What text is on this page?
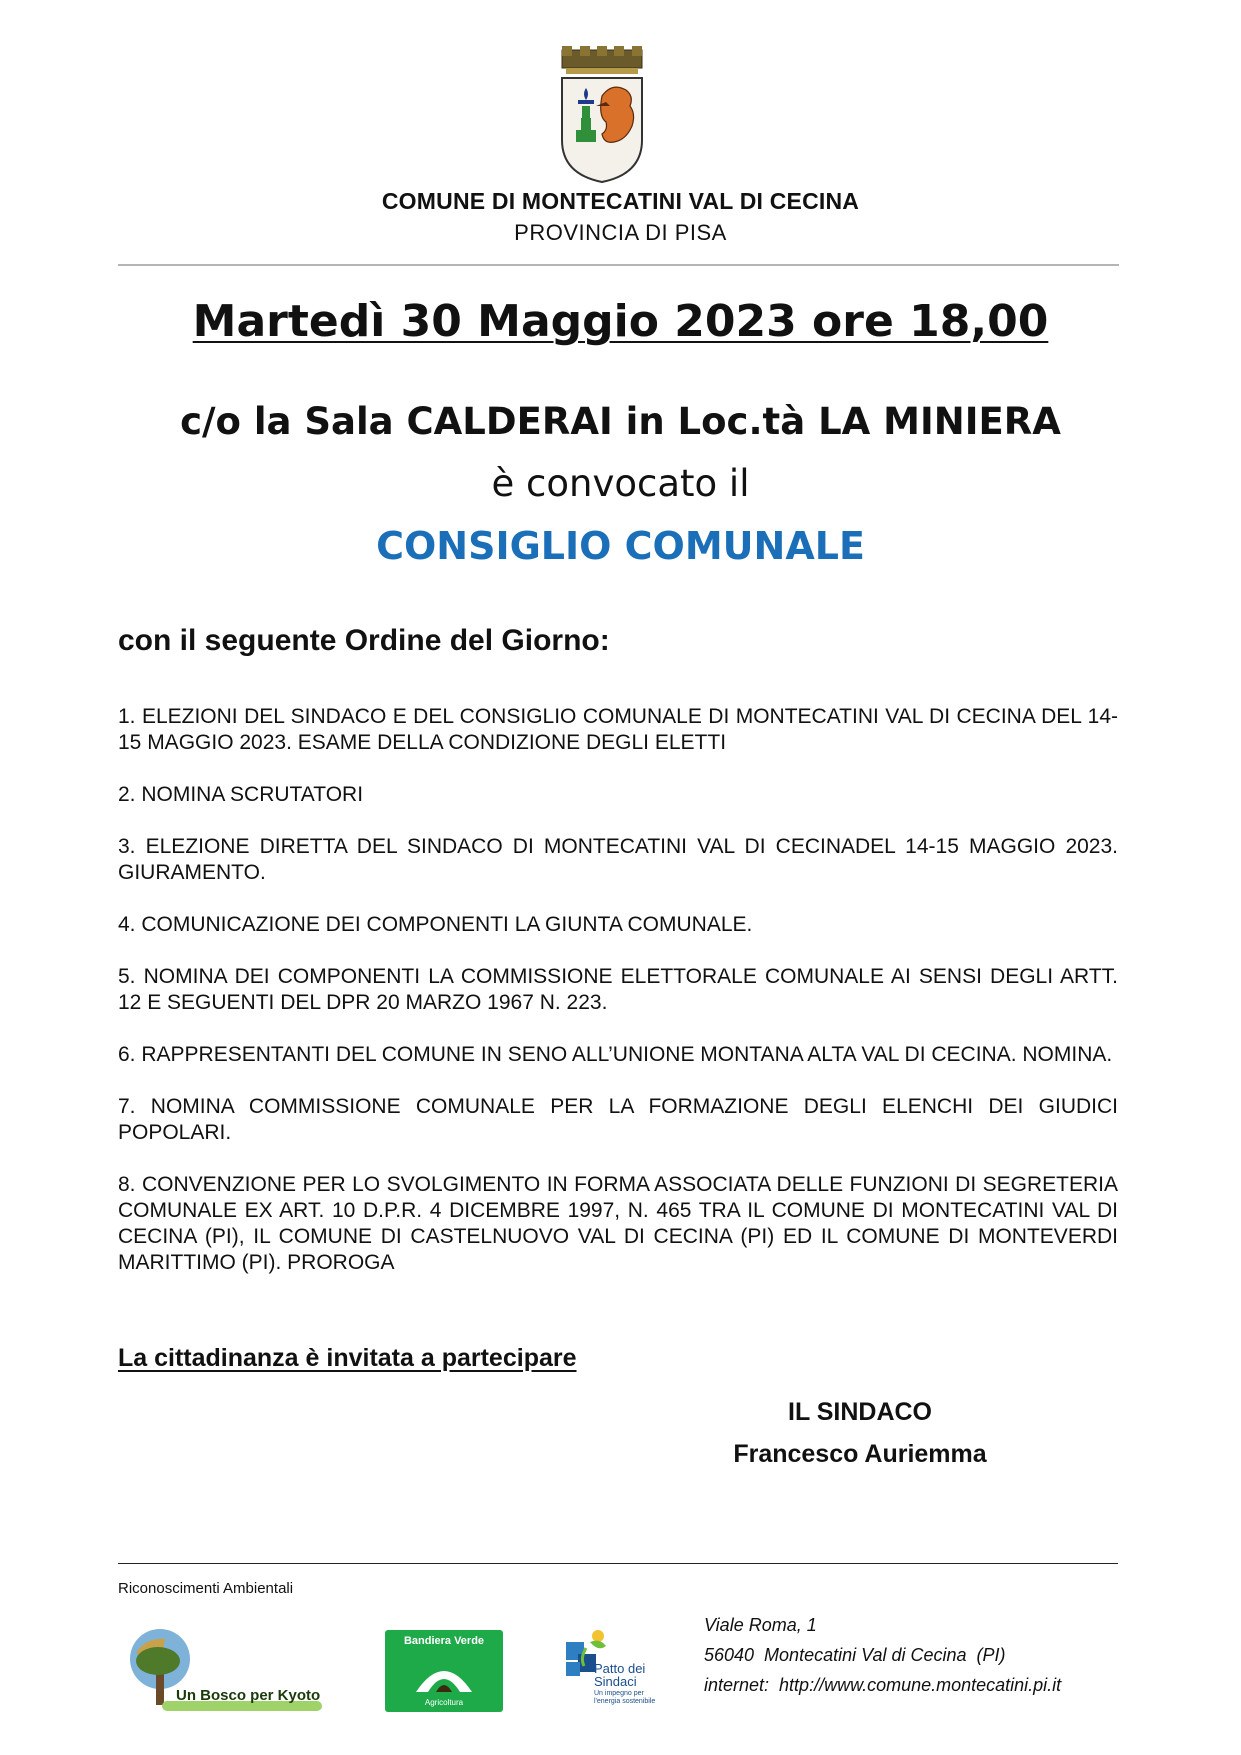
COMUNE DI MONTECATINI VAL DI CECINA
PROVINCIA DI PISA
Martedì 30 Maggio 2023 ore 18,00
c/o la Sala CALDERAI in Loc.tà LA MINIERA
è convocato il
CONSIGLIO COMUNALE
con il seguente Ordine del Giorno:
1. ELEZIONI DEL SINDACO E DEL CONSIGLIO COMUNALE DI MONTECATINI VAL DI CECINA DEL 14-15 MAGGIO 2023. ESAME DELLA CONDIZIONE DEGLI ELETTI
2. NOMINA SCRUTATORI
3. ELEZIONE DIRETTA DEL SINDACO DI MONTECATINI VAL DI CECINADEL 14-15 MAGGIO 2023. GIURAMENTO.
4. COMUNICAZIONE DEI COMPONENTI LA GIUNTA COMUNALE.
5. NOMINA DEI COMPONENTI LA COMMISSIONE ELETTORALE COMUNALE AI SENSI DEGLI ARTT. 12 E SEGUENTI DEL DPR 20 MARZO 1967 N. 223.
6. RAPPRESENTANTI DEL COMUNE IN SENO ALL’UNIONE MONTANA ALTA VAL DI CECINA. NOMINA.
7. NOMINA COMMISSIONE COMUNALE PER LA FORMAZIONE DEGLI ELENCHI DEI GIUDICI POPOLARI.
8. CONVENZIONE PER LO SVOLGIMENTO IN FORMA ASSOCIATA DELLE FUNZIONI DI SEGRETERIA COMUNALE EX ART. 10 D.P.R. 4 DICEMBRE 1997, N. 465 TRA IL COMUNE DI MONTECATINI VAL DI CECINA (PI), IL COMUNE DI CASTELNUOVO VAL DI CECINA (PI) ED IL COMUNE DI MONTEVERDI MARITTIMO (PI). PROROGA
La cittadinanza è invitata a partecipare
IL SINDACO
Francesco Auriemma
Riconoscimenti Ambientali
Un Bosco per Kyoto
Bandiera Verde
Agricoltura
Patto dei
Sindaci
Un impegno per
l'energia sostenibile
Viale Roma, 1
56040  Montecatini Val di Cecina  (PI)
internet:  http://www.comune.montecatini.pi.it
